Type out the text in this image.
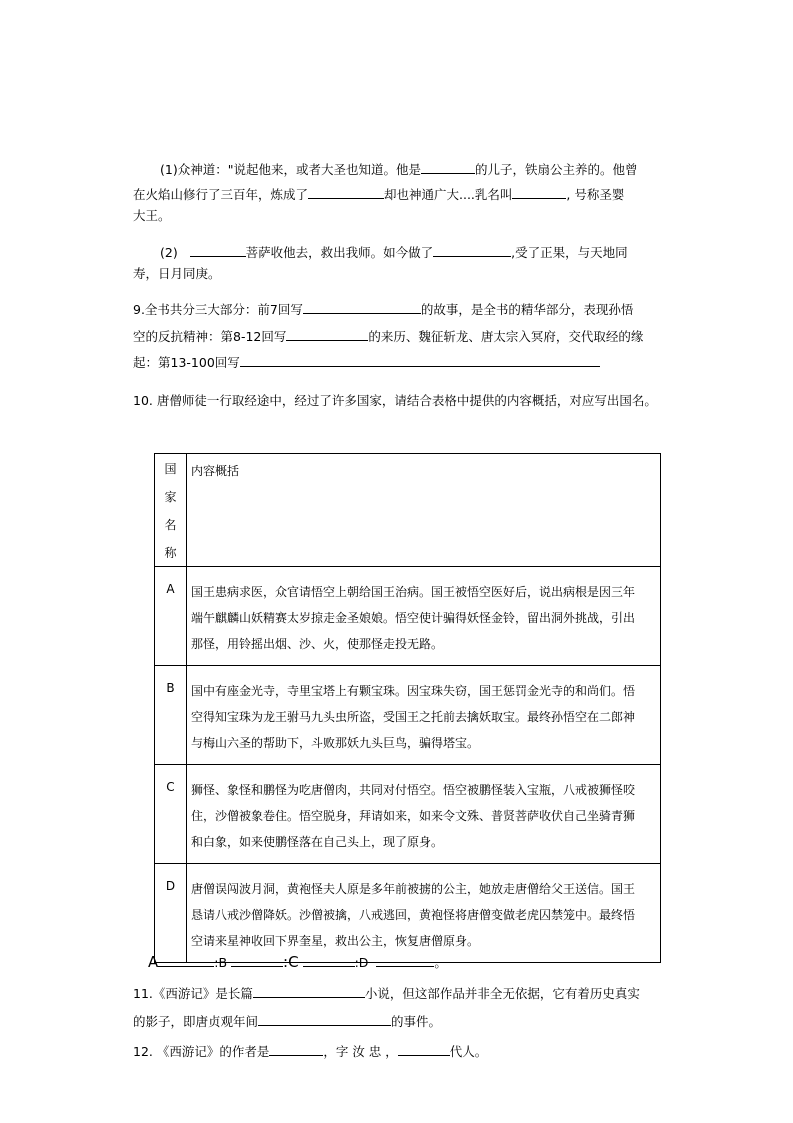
(1)众神道："说起他来，或者大圣也知道。他是	的儿子，铁扇公主养的。他曾
在火焰山修行了三百年，炼成了	却也神通广大....乳名叫	, 号称圣婴
大王。
(2)	菩萨收他去，救出我师。如今做了	,受了正果，与天地同
寿，日月同庚。
9.全书共分三大部分：前7回写	的故事，是全书的精华部分，表现孙悟
空的反抗精神：第8-12回写	的来历、魏征斩龙、唐太宗入冥府，交代取经的缘
起：第13-100回写
10. 唐僧师徒一行取经途中，经过了许多国家，请结合表格中提供的内容概括，对应写出国名。
国
家
名
称	内容概括

A	国王患病求医，众官请悟空上朝给国王治病。国王被悟空医好后，说出病根是因三年
端午麒麟山妖精赛太岁掠走金圣娘娘。悟空使计骗得妖怪金铃，留出洞外挑战，引出
那怪，用铃摇出烟、沙、火，使那怪走投无路。

B	国中有座金光寺，寺里宝塔上有颗宝珠。因宝珠失窃，国王惩罚金光寺的和尚们。悟
空得知宝珠为龙王驸马九头虫所盗，受国王之托前去擒妖取宝。最终孙悟空在二郎神
与梅山六圣的帮助下，斗败那妖九头巨鸟，骗得塔宝。

C	狮怪、象怪和鹏怪为吃唐僧肉，共同对付悟空。悟空被鹏怪装入宝瓶，八戒被狮怪咬
住，沙僧被象卷住。悟空脱身，拜请如来，如来令文殊、普贤菩萨收伏自己坐骑青狮
和白象，如来使鹏怪落在自己头上，现了原身。

D	唐僧误闯波月洞，黄袍怪夫人原是多年前被掳的公主，她放走唐僧给父王送信。国王
恳请八戒沙僧降妖。沙僧被擒，八戒逃回，黄袍怪将唐僧变做老虎囚禁笼中。最终悟
空请来星神收回下界奎星，救出公主，恢复唐僧原身。
A	:B	:C	:D	。
11.《西游记》是长篇	小说，但这部作品并非全无依据，它有着历史真实
的影子，即唐贞观年间	的事件。
12. 《西游记》的作者是	，字 汝 忠 ，	代人。
